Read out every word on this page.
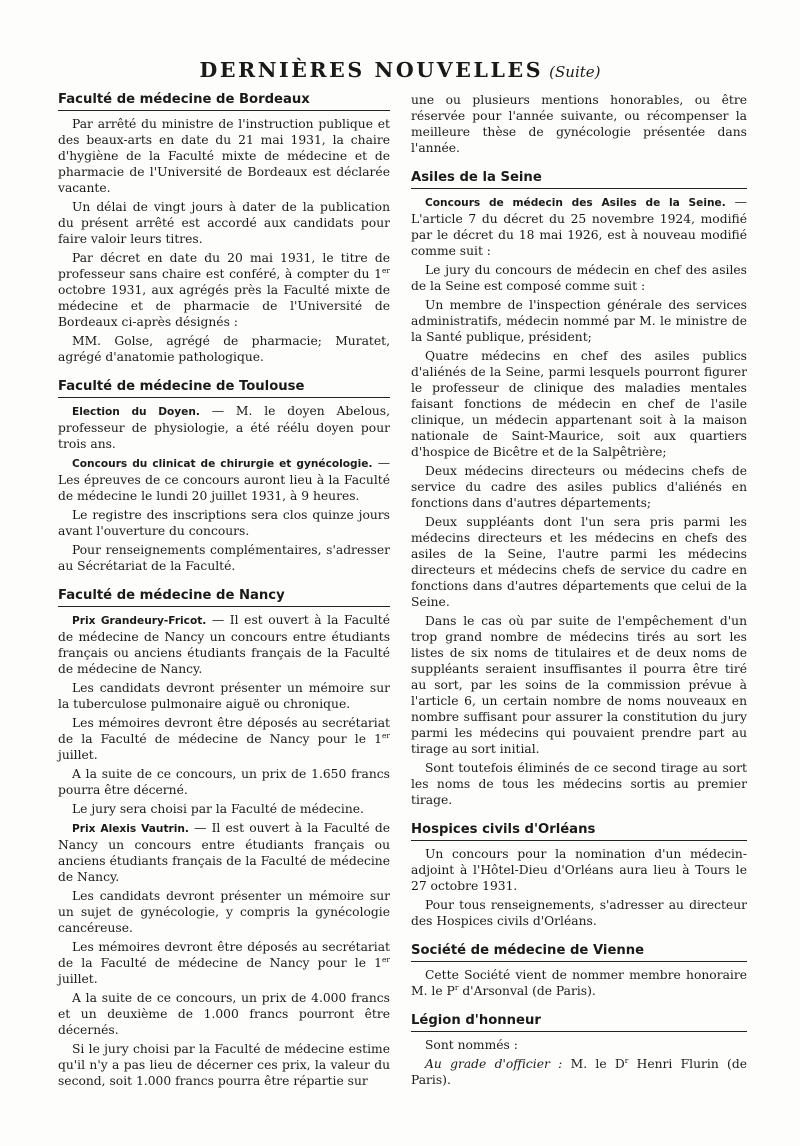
DERNIÈRES NOUVELLES (Suite)
Faculté de médecine de Bordeaux

Par arrêté du ministre de l'instruction publique et des beaux-arts en date du 21 mai 1931, la chaire d'hygiène de la Faculté mixte de médecine et de pharmacie de l'Université de Bordeaux est déclarée vacante.

Un délai de vingt jours à dater de la publication du présent arrêté est accordé aux candidats pour faire valoir leurs titres.

Par décret en date du 20 mai 1931, le titre de professeur sans chaire est conféré, à compter du 1er octobre 1931, aux agrégés près la Faculté mixte de médecine et de pharmacie de l'Université de Bordeaux ci-après désignés :

MM. Golse, agrégé de pharmacie; Muratet, agrégé d'anatomie pathologique.

Faculté de médecine de Toulouse

Election du Doyen. — M. le doyen Abelous, professeur de physiologie, a été réélu doyen pour trois ans.

Concours du clinicat de chirurgie et gynécologie. — Les épreuves de ce concours auront lieu à la Faculté de médecine le lundi 20 juillet 1931, à 9 heures.

Le registre des inscriptions sera clos quinze jours avant l'ouverture du concours.

Pour renseignements complémentaires, s'adresser au Sécrétariat de la Faculté.

Faculté de médecine de Nancy

Prix Grandeury-Fricot. — Il est ouvert à la Faculté de médecine de Nancy un concours entre étudiants français ou anciens étudiants français de la Faculté de médecine de Nancy.

Les candidats devront présenter un mémoire sur la tuberculose pulmonaire aiguë ou chronique.

Les mémoires devront être déposés au secrétariat de la Faculté de médecine de Nancy pour le 1er juillet.

A la suite de ce concours, un prix de 1.650 francs pourra être décerné.

Le jury sera choisi par la Faculté de médecine.

Prix Alexis Vautrin. — Il est ouvert à la Faculté de Nancy un concours entre étudiants français ou anciens étudiants français de la Faculté de médecine de Nancy.

Les candidats devront présenter un mémoire sur un sujet de gynécologie, y compris la gynécologie cancéreuse.

Les mémoires devront être déposés au secrétariat de la Faculté de médecine de Nancy pour le 1er juillet.

A la suite de ce concours, un prix de 4.000 francs et un deuxième de 1.000 francs pourront être décernés.

Si le jury choisi par la Faculté de médecine estime qu'il n'y a pas lieu de décerner ces prix, la valeur du second, soit 1.000 francs pourra être répartie sur

une ou plusieurs mentions honorables, ou être réservée pour l'année suivante, ou récompenser la meilleure thèse de gynécologie présentée dans l'année.

Asiles de la Seine

Concours de médecin des Asiles de la Seine. — L'article 7 du décret du 25 novembre 1924, modifié par le décret du 18 mai 1926, est à nouveau modifié comme suit :

Le jury du concours de médecin en chef des asiles de la Seine est composé comme suit :

Un membre de l'inspection générale des services administratifs, médecin nommé par M. le ministre de la Santé publique, président;

Quatre médecins en chef des asiles publics d'aliénés de la Seine, parmi lesquels pourront figurer le professeur de clinique des maladies mentales faisant fonctions de médecin en chef de l'asile clinique, un médecin appartenant soit à la maison nationale de Saint-Maurice, soit aux quartiers d'hospice de Bicêtre et de la Salpêtrière;

Deux médecins directeurs ou médecins chefs de service du cadre des asiles publics d'aliénés en fonctions dans d'autres départements;

Deux suppléants dont l'un sera pris parmi les médecins directeurs et les médecins en chefs des asiles de la Seine, l'autre parmi les médecins directeurs et médecins chefs de service du cadre en fonctions dans d'autres départements que celui de la Seine.

Dans le cas où par suite de l'empêchement d'un trop grand nombre de médecins tirés au sort les listes de six noms de titulaires et de deux noms de suppléants seraient insuffisantes il pourra être tiré au sort, par les soins de la commission prévue à l'article 6, un certain nombre de noms nouveaux en nombre suffisant pour assurer la constitution du jury parmi les médecins qui pouvaient prendre part au tirage au sort initial.

Sont toutefois éliminés de ce second tirage au sort les noms de tous les médecins sortis au premier tirage.

Hospices civils d'Orléans

Un concours pour la nomination d'un médecin-adjoint à l'Hôtel-Dieu d'Orléans aura lieu à Tours le 27 octobre 1931.

Pour tous renseignements, s'adresser au directeur des Hospices civils d'Orléans.

Société de médecine de Vienne

Cette Société vient de nommer membre honoraire M. le $P^r$ d'Arsonval (de Paris).

Légion d'honneur

Sont nommés :

Au grade d'officier : M. le $D^r$ Henri Flurin (de Paris).
